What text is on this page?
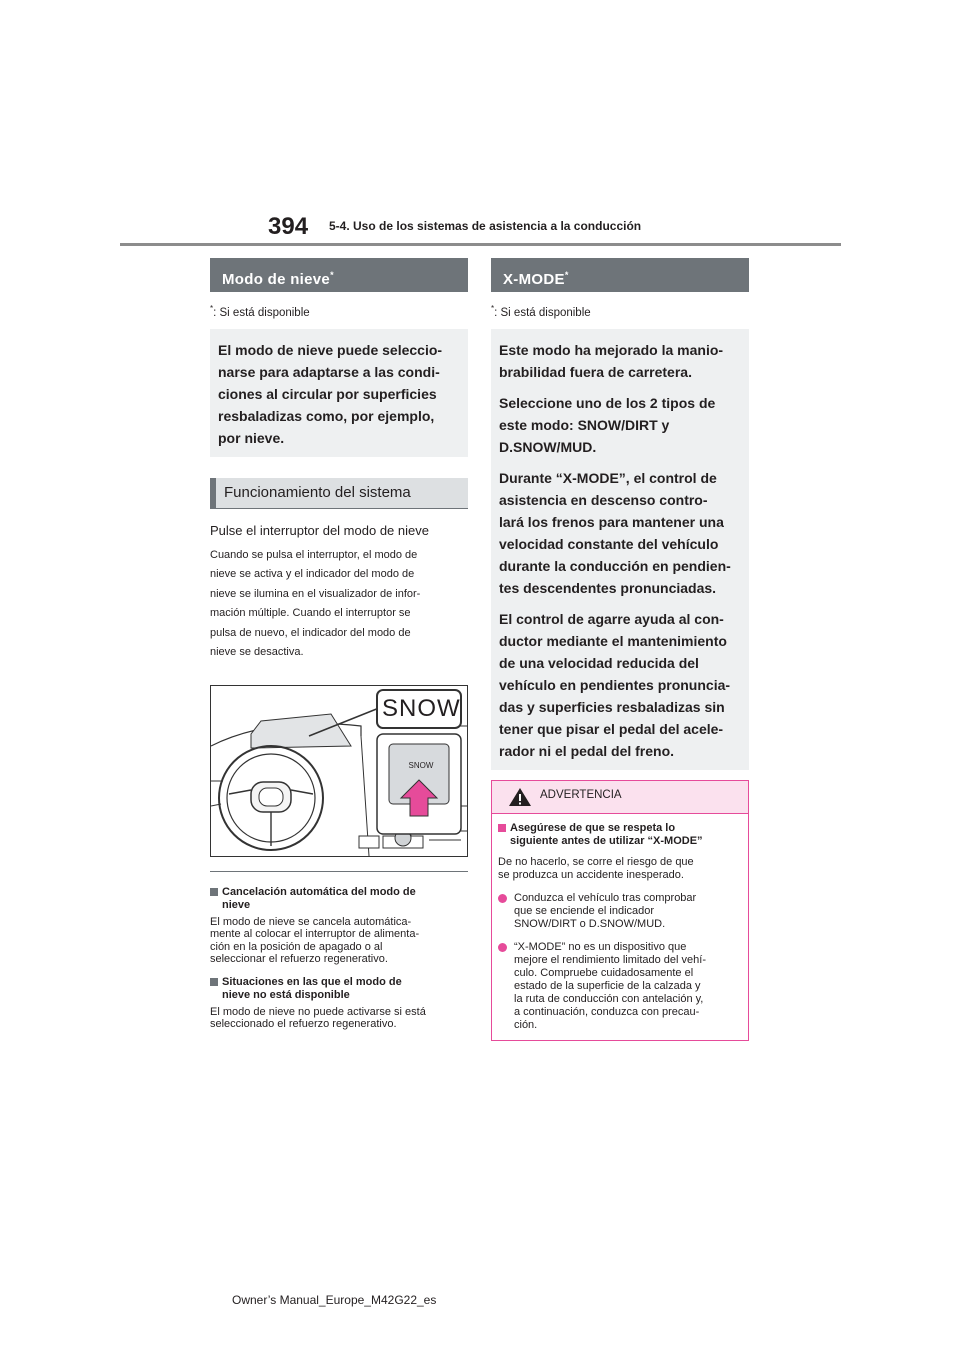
394 5-4. Uso de los sistemas de asistencia a la conducción
Modo de nieve*
*: Si está disponible
El modo de nieve puede seleccio-
narse para adaptarse a las condi-
ciones al circular por superficies
resbaladizas como, por ejemplo,
por nieve.
Funcionamiento del sistema
Pulse el interruptor del modo de nieve
Cuando se pulsa el interruptor, el modo de
nieve se activa y el indicador del modo de
nieve se ilumina en el visualizador de infor-
mación múltiple. Cuando el interruptor se
pulsa de nuevo, el indicador del modo de
nieve se desactiva.
SNOW
SNOW
Cancelación automática del modo de
nieve
El modo de nieve se cancela automática-
mente al colocar el interruptor de alimenta-
ción en la posición de apagado o al
seleccionar el refuerzo regenerativo.
Situaciones en las que el modo de
nieve no está disponible
El modo de nieve no puede activarse si está
seleccionado el refuerzo regenerativo.
X-MODE*
*: Si está disponible

Este modo ha mejorado la manio-
brabilidad fuera de carretera.

Seleccione uno de los 2 tipos de
este modo: SNOW/DIRT y
D.SNOW/MUD.

Durante “X-MODE”, el control de
asistencia en descenso contro-
lará los frenos para mantener una
velocidad constante del vehículo
durante la conducción en pendien-
tes descendentes pronunciadas.

El control de agarre ayuda al con-
ductor mediante el mantenimiento
de una velocidad reducida del
vehículo en pendientes pronuncia-
das y superficies resbaladizas sin
tener que pisar el pedal del acele-
rador ni el pedal del freno.

ADVERTENCIA
Asegúrese de que se respeta lo
siguiente antes de utilizar “X-MODE”
De no hacerlo, se corre el riesgo de que
se produzca un accidente inesperado.
Conduzca el vehículo tras comprobar
que se enciende el indicador
SNOW/DIRT o D.SNOW/MUD.
“X-MODE” no es un dispositivo que
mejore el rendimiento limitado del vehí-
culo. Compruebe cuidadosamente el
estado de la superficie de la calzada y
la ruta de conducción con antelación y,
a continuación, conduzca con precau-
ción.
Owner’s Manual_Europe_M42G22_es
